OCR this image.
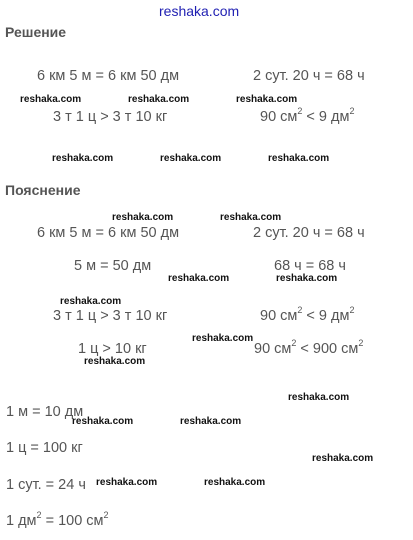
reshaka.com
Решение
6 км 5 м = 6 км 50 дм	2 сут. 20 ч = 68 ч
3 т 1 ц > 3 т 10 кг	90 $см^2 < 9$ $дм^2$
Пояснение
6 км 5 м = 6 км 50 дм	2 сут. 20 ч = 68 ч
5 м = 50 дм	68 ч = 68 ч
3 т 1 ц > 3 т 10 кг	90 $см^2 < 9$ $дм^2$
1 ц > 10 кг	90 $см^2 < 900$ $см^2$
1 м = 10 дм
1 ц = 100 кг
1 сут. = 24 ч
1 $дм^2 = 100$ $см^2$
reshaka.com	reshaka.com	reshaka.com
reshaka.com	reshaka.com	reshaka.com
reshaka.com	reshaka.com
reshaka.com	reshaka.com
reshaka.com
reshaka.com
reshaka.com
reshaka.com
reshaka.com	reshaka.com
reshaka.com
reshaka.com	reshaka.com
